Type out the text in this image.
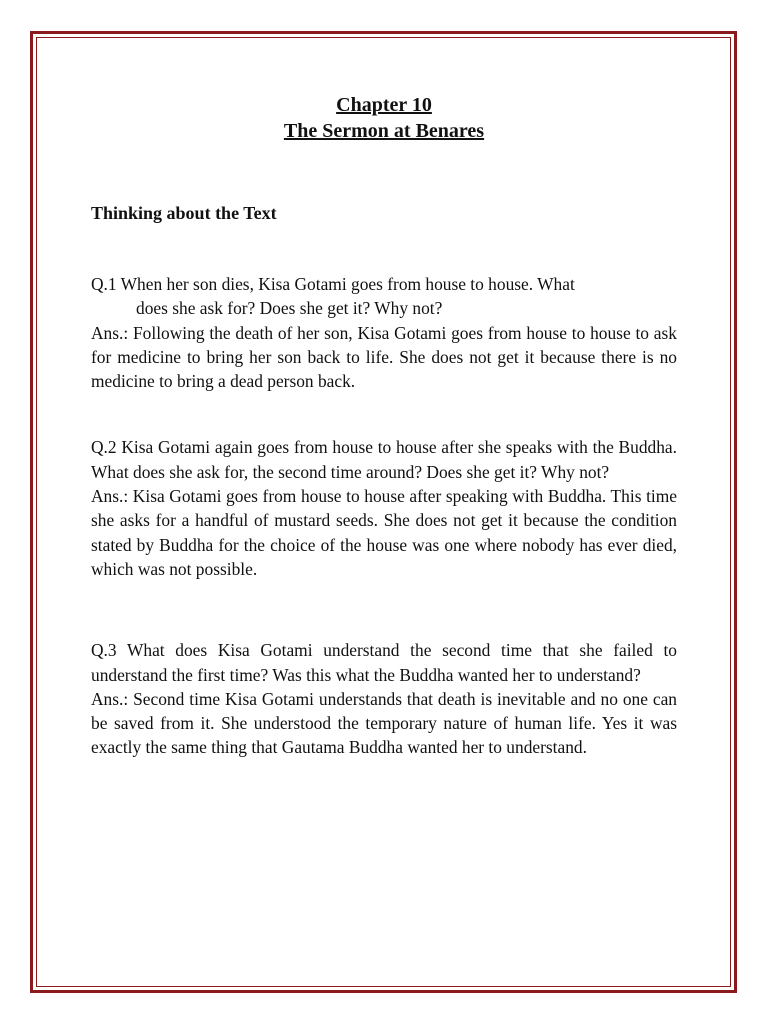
Chapter 10
The Sermon at Benares
Thinking about the Text

Q.1 When her son dies, Kisa Gotami goes from house to house. What
does she ask for? Does she get it? Why not?

Ans.: Following the death of her son, Kisa Gotami goes from house to house to ask for medicine to bring her son back to life. She does not get it because there is no medicine to bring a dead person back.

Q.2 Kisa Gotami again goes from house to house after she speaks with the Buddha. What does she ask for, the second time around? Does she get it? Why not?

Ans.: Kisa Gotami goes from house to house after speaking with Buddha. This time she asks for a handful of mustard seeds. She does not get it because the condition stated by Buddha for the choice of the house was one where nobody has ever died, which was not possible.

Q.3 What does Kisa Gotami understand the second time that she failed to understand the first time? Was this what the Buddha wanted her to understand?

Ans.: Second time Kisa Gotami understands that death is inevitable and no one can be saved from it. She understood the temporary nature of human life. Yes it was exactly the same thing that Gautama Buddha wanted her to understand.
